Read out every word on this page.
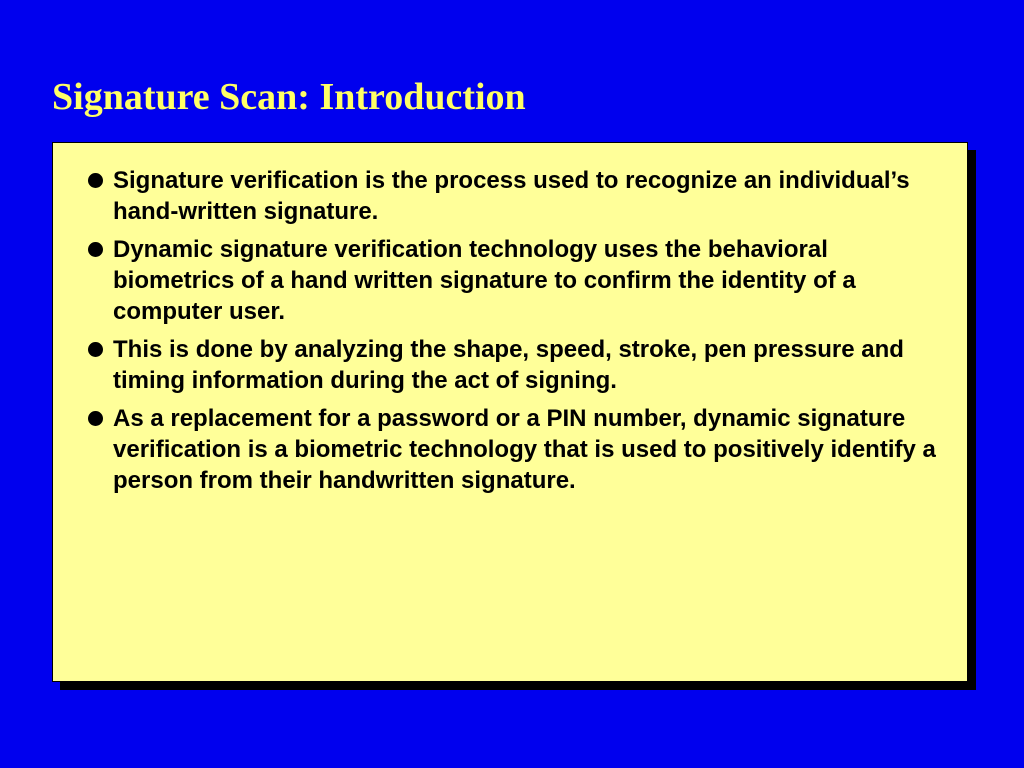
Signature Scan: Introduction
Signature verification is the process used to recognize an individual’s hand-written signature.
Dynamic signature verification technology uses the behavioral biometrics of a hand written signature to confirm the identity of a computer user.
This is done by analyzing the shape, speed, stroke, pen pressure and timing information during the act of signing.
As a replacement for a password or a PIN number, dynamic signature verification is a biometric technology that is used to positively identify a person from their handwritten signature.
